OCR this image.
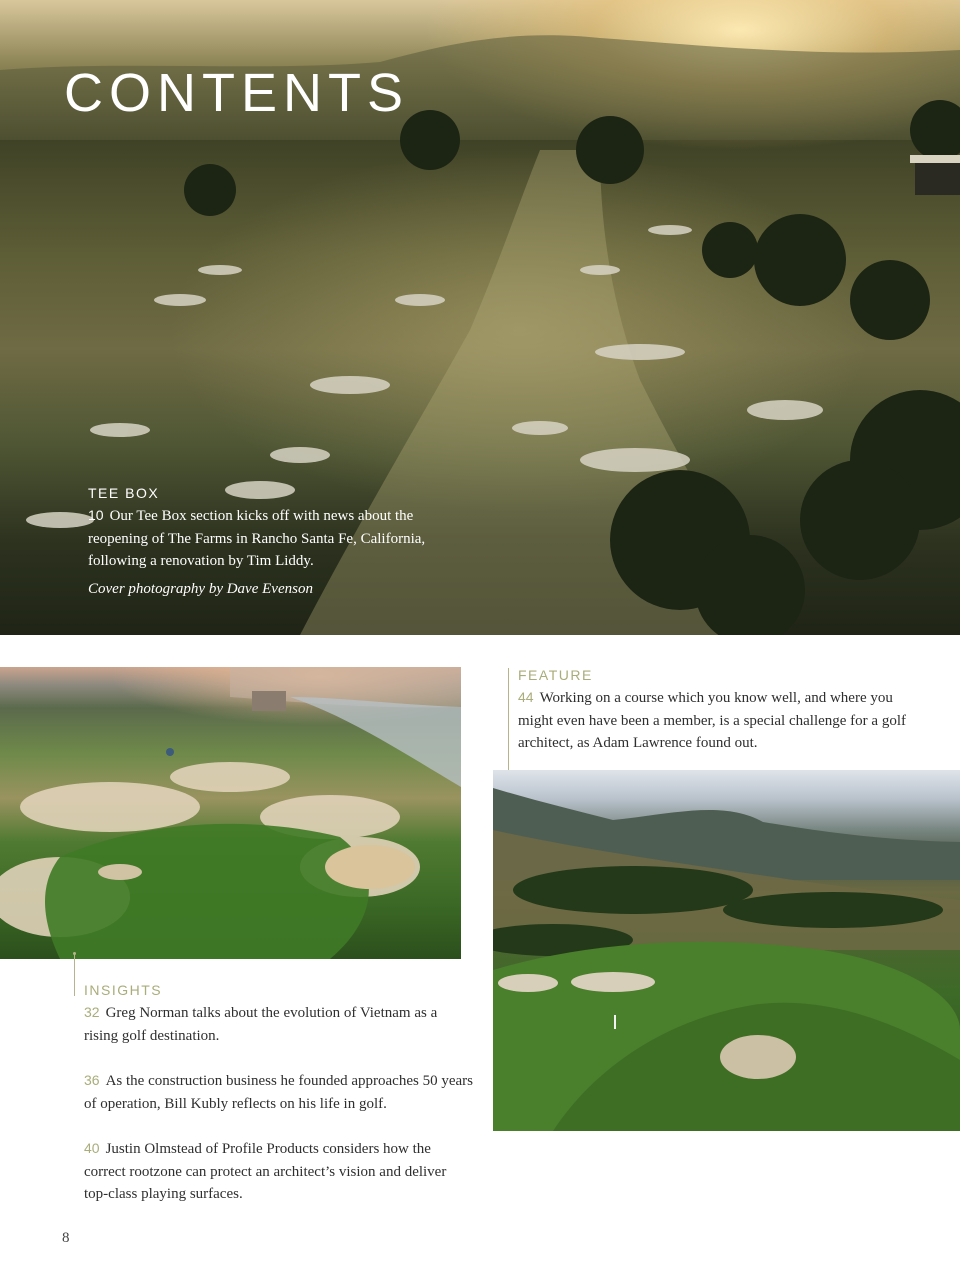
CONTENTS
TEE BOX

10 Our Tee Box section kicks off with news about the reopening of The Farms in Rancho Santa Fe, California, following a renovation by Tim Liddy.

Cover photography by Dave Evenson
FEATURE

44 Working on a course which you know well, and where you might even have been a member, is a special challenge for a golf architect, as Adam Lawrence found out.

INSIGHTS

32 Greg Norman talks about the evolution of Vietnam as a rising golf destination.

36 As the construction business he founded approaches 50 years of operation, Bill Kubly reflects on his life in golf.

40 Justin Olmstead of Profile Products considers how the correct rootzone can protect an architect’s vision and deliver top-class playing surfaces.

8
